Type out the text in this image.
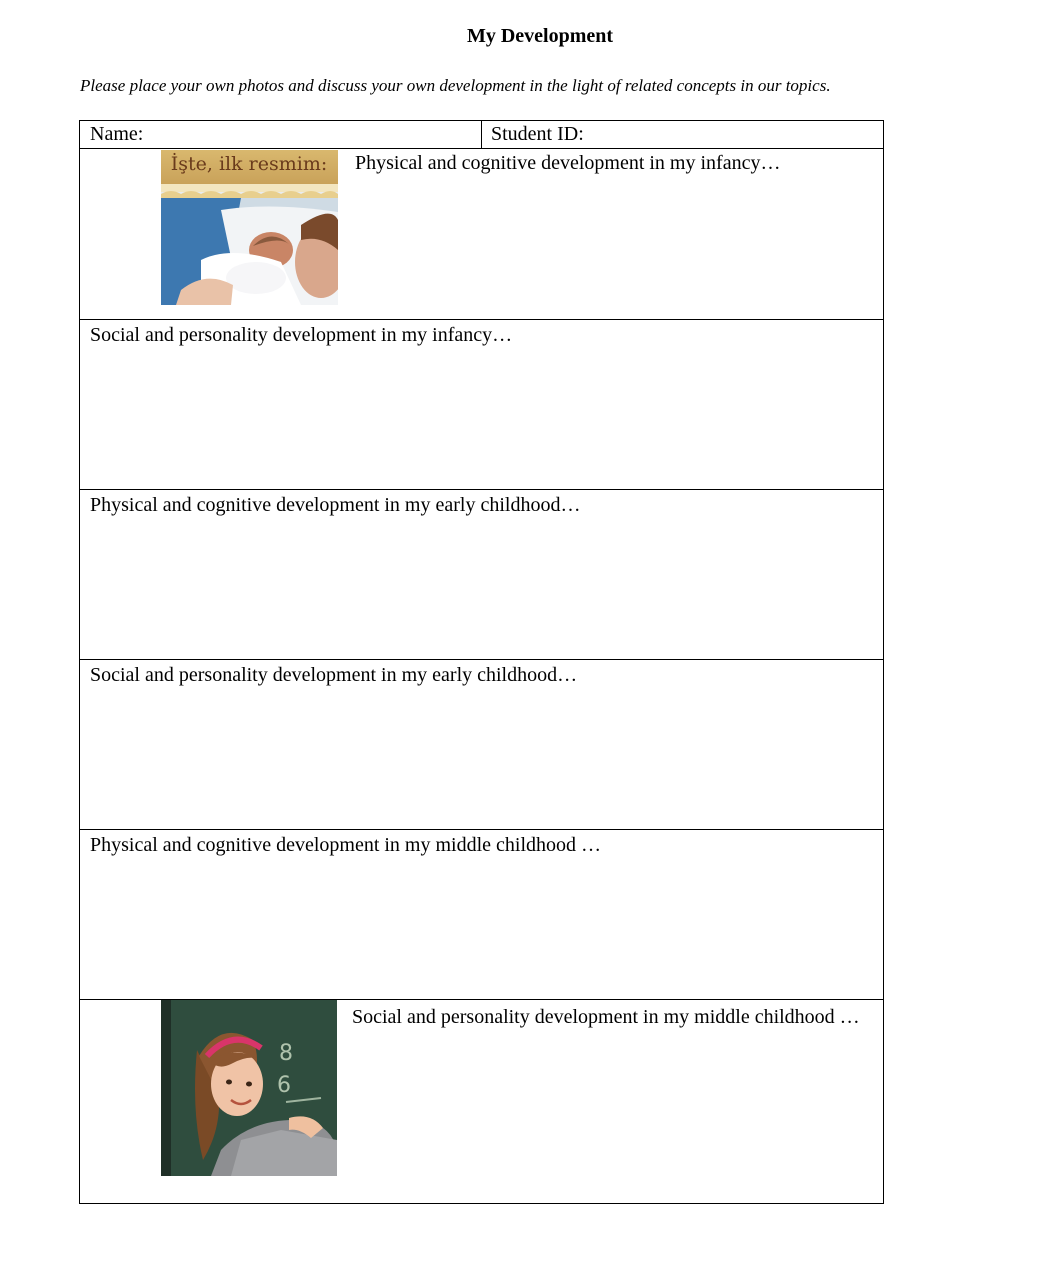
My Development
Please place your own photos and discuss your own development in the light of related concepts in our topics.
Name:	Student ID:
İşte, ilk resmim: Physical and cognitive development in my infancy…
Social and personality development in my infancy…
Physical and cognitive development in my early childhood…
Social and personality development in my early childhood…
Physical and cognitive development in my middle childhood …
8
6
Social and personality development in my middle childhood …
